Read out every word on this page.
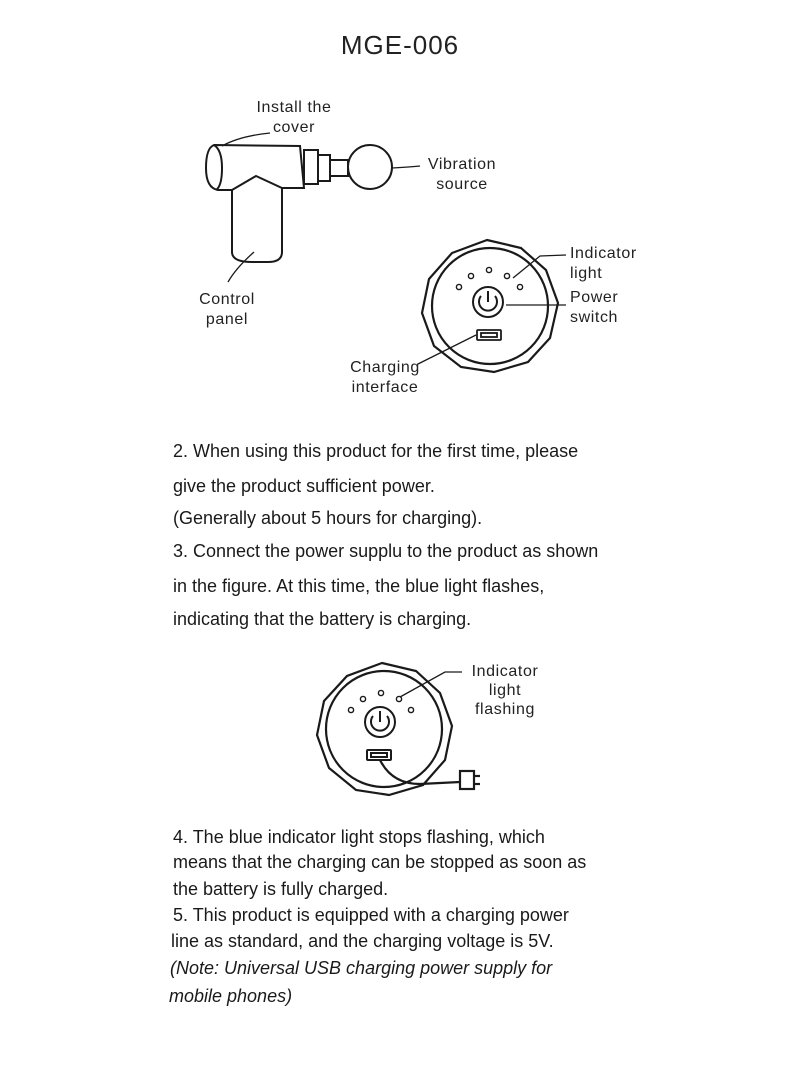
MGE-006
Install the
cover
Vibration
source
Control
panel
Indicator
light
Power
switch
Charging
interface
2. When using this product for the first time, please
give the product sufficient power.
(Generally about 5 hours for charging).
3. Connect the power supplu to the product as shown
in the figure. At this time, the blue light flashes,
indicating that the battery is charging.
Indicator
light
flashing
4. The blue indicator light stops flashing, which
means that the charging can be stopped as soon as
the battery is fully charged.
5. This product is equipped with a charging power
line as standard, and the charging voltage is 5V.
(Note: Universal USB charging power supply for
mobile phones)
